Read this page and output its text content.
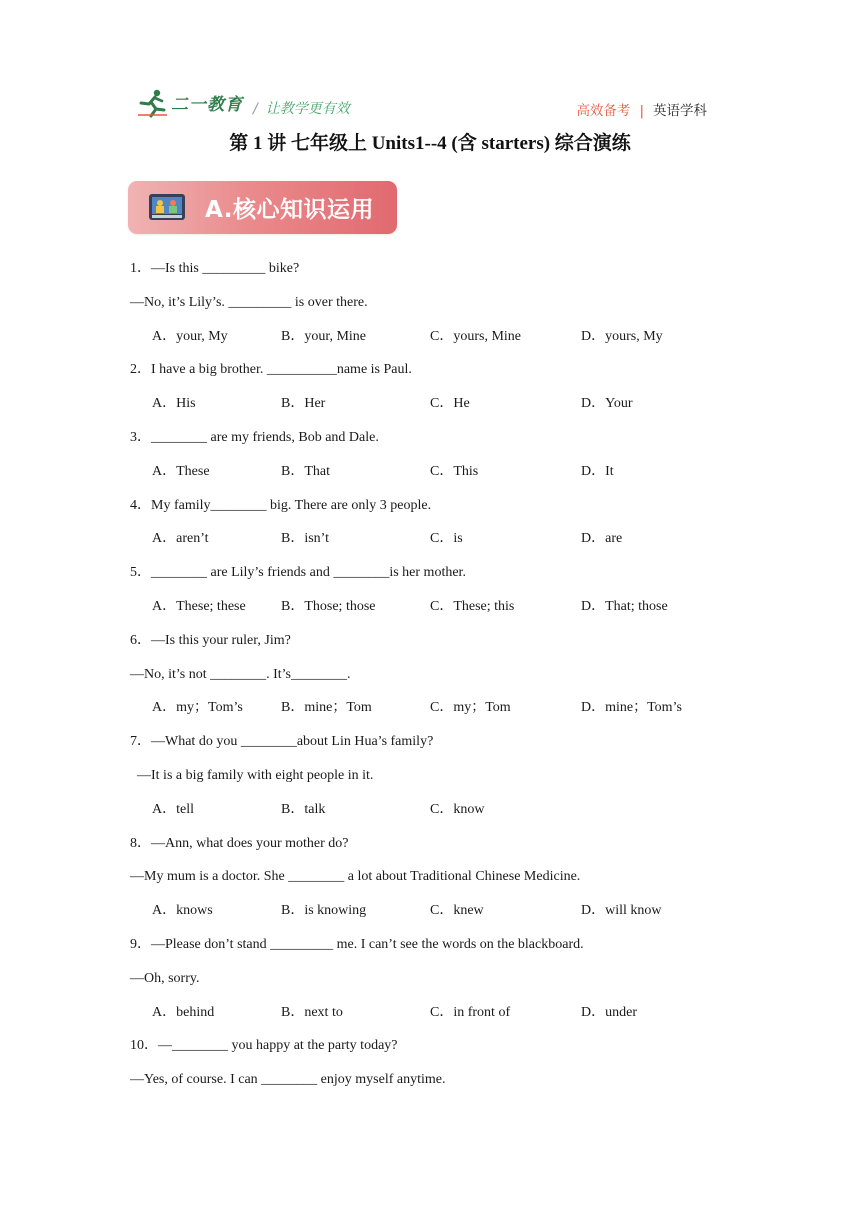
二一教育 / 让教学更有效	高效备考 | 英语学科
第 1 讲 七年级上 Units1--4 (含 starters) 综合演练
A.核心知识运用
1．—Is this _________ bike?
—No, it’s Lily’s. _________ is over there.
A．your, My	B．your, Mine	C．yours, Mine	D．yours, My
2．I have a big brother. __________name is Paul.
A．His	B．Her	C．He	D．Your
3．________ are my friends, Bob and Dale.
A．These	B．That	C．This	D．It
4．My family________ big. There are only 3 people.
A．aren’t	B．isn’t	C．is	D．are
5．________ are Lily’s friends and ________is her mother.
A．These; these	B．Those; those	C．These; this	D．That; those
6．—Is this your ruler, Jim?
—No, it’s not ________. It’s________.
A．my；Tom’s	B．mine；Tom	C．my；Tom	D．mine；Tom’s
7．—What do you ________about Lin Hua’s family?
—It is a big family with eight people in it.
A．tell	B．talk	C．know
8．—Ann, what does your mother do?
—My mum is a doctor. She ________ a lot about Traditional Chinese Medicine.
A．knows	B．is knowing	C．knew	D．will know
9．—Please don’t stand _________ me. I can’t see the words on the blackboard.
—Oh, sorry.
A．behind	B．next to	C．in front of	D．under
10．—________ you happy at the party today?
—Yes, of course. I can ________ enjoy myself anytime.
